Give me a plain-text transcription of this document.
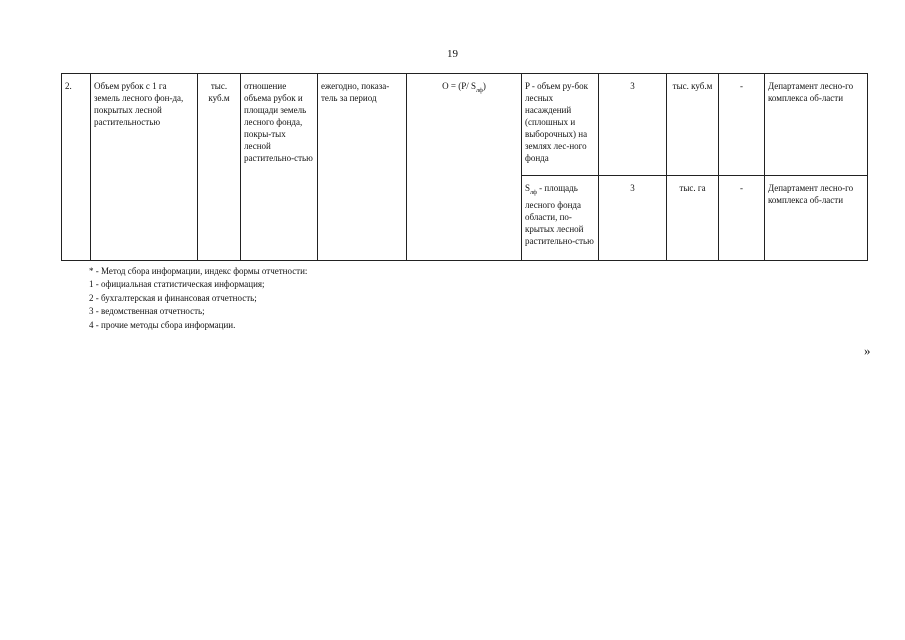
19
2.	Объем рубок с 1 га земель лесного фон-да, покрытых лесной растительностью	тыс. куб.м	отношение объема рубок и площади земель лесного фонда, покры-тых лесной растительно-стью	ежегодно, показа-тель за период	O = (P/ $S_{лф}$)	P - объем ру-бок лесных насаждений (сплошных и выборочных) на землях лес-ного фонда	3	тыс. куб.м	-	Департамент лесно-го комплекса об-ласти
						$S_{лф}$ - площадь лесного фонда области, по-крытых лесной растительно-стью	3	тыс. га	-	Департамент лесно-го комплекса об-ласти
* - Метод сбора информации, индекс формы отчетности:
1 - официальная статистическая информация;
2 - бухгалтерская и финансовая отчетность;
3 - ведомственная отчетность;
4 - прочие методы сбора информации.
»
